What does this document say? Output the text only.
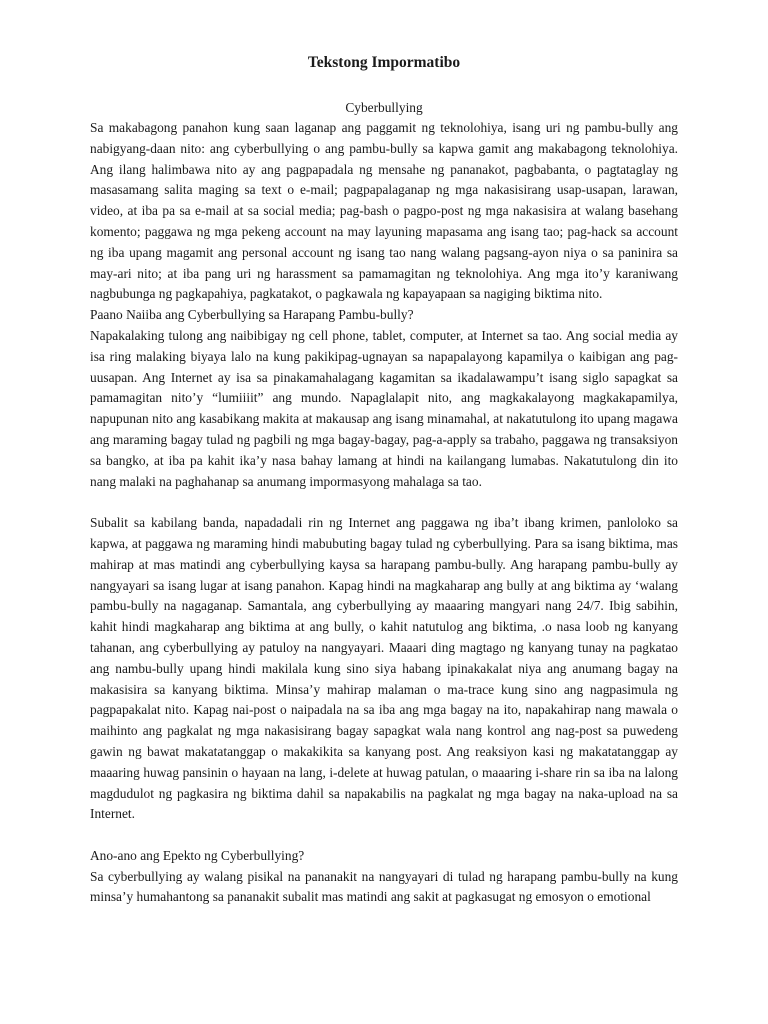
Tekstong Impormatibo

Cyberbullying

Sa makabagong panahon kung saan laganap ang paggamit ng teknolohiya, isang uri ng pambu-bully ang nabigyang-daan nito: ang cyberbullying o ang pambu-bully sa kapwa gamit ang makabagong teknolohiya. Ang ilang halimbawa nito ay ang pagpapadala ng mensahe ng pananakot, pagbabanta, o pagtataglay ng masasamang salita maging sa text o e-mail; pagpapalaganap ng mga nakasisirang usap-usapan, larawan, video, at iba pa sa e-mail at sa social media; pag-bash o pagpo-post ng mga nakasisira at walang basehang komento; paggawa ng mga pekeng account na may layuning mapasama ang isang tao; pag-hack sa account ng iba upang magamit ang personal account ng isang tao nang walang pagsang-ayon niya o sa paninira sa may-ari nito; at iba pang uri ng harassment sa pamamagitan ng teknolohiya. Ang mga ito’y karaniwang nagbubunga ng pagkapahiya, pagkatakot, o pagkawala ng kapayapaan sa nagiging biktima nito.

Paano Naiiba ang Cyberbullying sa Harapang Pambu-bully?

Napakalaking tulong ang naibibigay ng cell phone, tablet, computer, at Internet sa tao. Ang social media ay isa ring malaking biyaya lalo na kung pakikipag-ugnayan sa napapalayong kapamilya o kaibigan ang pag-uusapan. Ang Internet ay isa sa pinakamahalagang kagamitan sa ikadalawampu’t isang siglo sapagkat sa pamamagitan nito’y “lumiiiit” ang mundo. Napaglalapit nito, ang magkakalayong magkakapamilya, napupunan nito ang kasabikang makita at makausap ang isang minamahal, at nakatutulong ito upang magawa ang maraming bagay tulad ng pagbili ng mga bagay-bagay, pag-a-apply sa trabaho, paggawa ng transaksiyon sa bangko, at iba pa kahit ika’y nasa bahay lamang at hindi na kailangang lumabas. Nakatutulong din ito nang malaki na paghahanap sa anumang impormasyong mahalaga sa tao.

Subalit sa kabilang banda, napadadali rin ng Internet ang paggawa ng iba’t ibang krimen, panloloko sa kapwa, at paggawa ng maraming hindi mabubuting bagay tulad ng cyberbullying. Para sa isang biktima, mas mahirap at mas matindi ang cyberbullying kaysa sa harapang pambu-bully. Ang harapang pambu-bully ay nangyayari sa isang lugar at isang panahon. Kapag hindi na magkaharap ang bully at ang biktima ay ‘walang pambu-bully na nagaganap. Samantala, ang cyberbullying ay maaaring mangyari nang 24/7. Ibig sabihin, kahit hindi magkaharap ang biktima at ang bully, o kahit natutulog ang biktima, .o nasa loob ng kanyang tahanan, ang cyberbullying ay patuloy na nangyayari. Maaari ding magtago ng kanyang tunay na pagkatao ang nambu-bully upang hindi makilala kung sino siya habang ipinakakalat niya ang anumang bagay na makasisira sa kanyang biktima. Minsa’y mahirap malaman o ma-trace kung sino ang nagpasimula ng pagpapakalat nito. Kapag nai-post o naipadala na sa iba ang mga bagay na ito, napakahirap nang mawala o maihinto ang pagkalat ng mga nakasisirang bagay sapagkat wala nang kontrol ang nag-post sa puwedeng gawin ng bawat makatatanggap o makakikita sa kanyang post. Ang reaksiyon kasi ng makatatanggap ay maaaring huwag pansinin o hayaan na lang, i-delete at huwag patulan, o maaaring i-share rin sa iba na lalong magdudulot ng pagkasira ng biktima dahil sa napakabilis na pagkalat ng mga bagay na naka-upload na sa Internet.

Ano-ano ang Epekto ng Cyberbullying?

Sa cyberbullying ay walang pisikal na pananakit na nangyayari di tulad ng harapang pambu-bully na kung minsa’y humahantong sa pananakit subalit mas matindi ang sakit at pagkasugat ng emosyon o emotional
